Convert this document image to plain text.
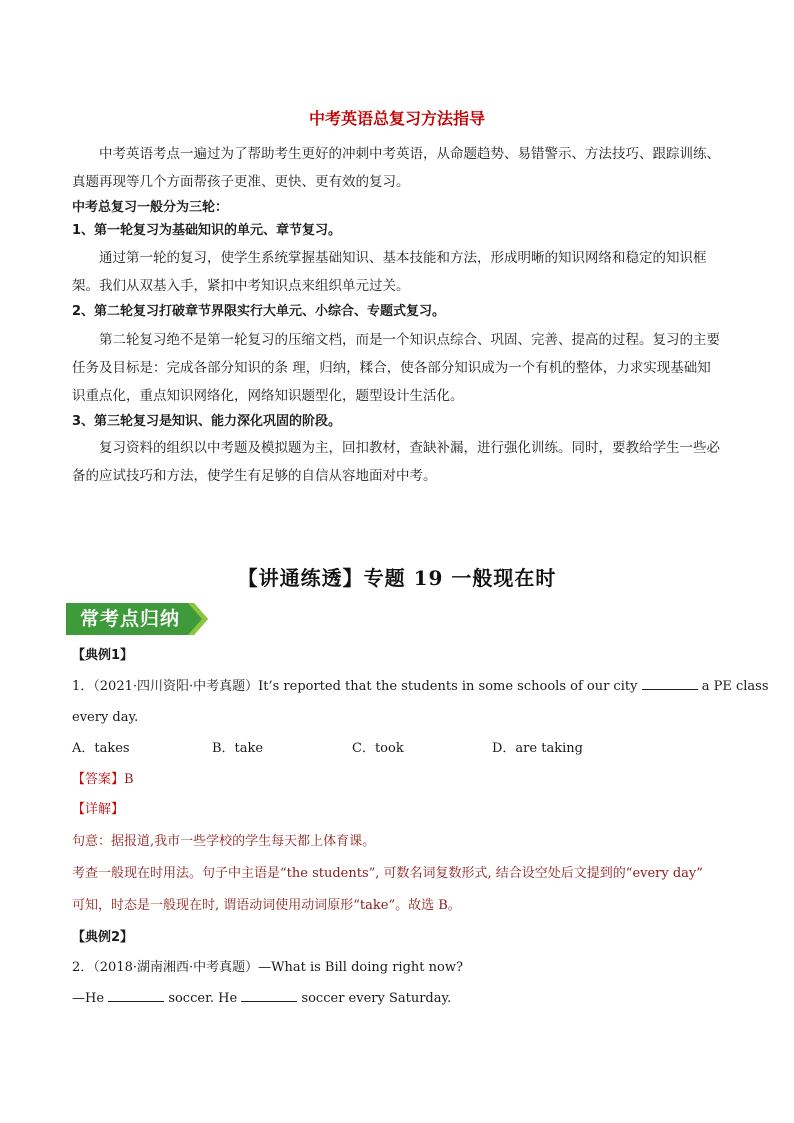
中考英语总复习方法指导
中考英语考点一遍过为了帮助考生更好的冲刺中考英语，从命题趋势、易错警示、方法技巧、跟踪训练、真题再现等几个方面帮孩子更准、更快、更有效的复习。
中考总复习一般分为三轮：
1、第一轮复习为基础知识的单元、章节复习。
通过第一轮的复习，使学生系统掌握基础知识、基本技能和方法，形成明晰的知识网络和稳定的知识框架。我们从双基入手，紧扣中考知识点来组织单元过关。
2、第二轮复习打破章节界限实行大单元、小综合、专题式复习。
第二轮复习绝不是第一轮复习的压缩文档，而是一个知识点综合、巩固、完善、提高的过程。复习的主要任务及目标是：完成各部分知识的条 理，归纳，糅合，使各部分知识成为一个有机的整体，力求实现基础知识重点化，重点知识网络化，网络知识题型化，题型设计生活化。
3、第三轮复习是知识、能力深化巩固的阶段。
复习资料的组织以中考题及模拟题为主，回扣教材，查缺补漏，进行强化训练。同时，要教给学生一些必备的应试技巧和方法，使学生有足够的自信从容地面对中考。
【讲通练透】专题 19 一般现在时
常考点归纳
【典例1】
1．（2021·四川资阳·中考真题）It’s reported that the students in some schools of our city	a PE class
every day.
A．takes	B．take	C．took	D．are taking
【答案】B
【详解】
句意：据报道,我市一些学校的学生每天都上体育课。
考查一般现在时用法。句子中主语是“the students”, 可数名词复数形式, 结合设空处后文提到的“every day”
可知，时态是一般现在时, 谓语动词使用动词原形“take”。故选 B。
【典例2】
2．（2018·湖南湘西·中考真题）—What is Bill doing right now?
—He	soccer. He	soccer every Saturday.
